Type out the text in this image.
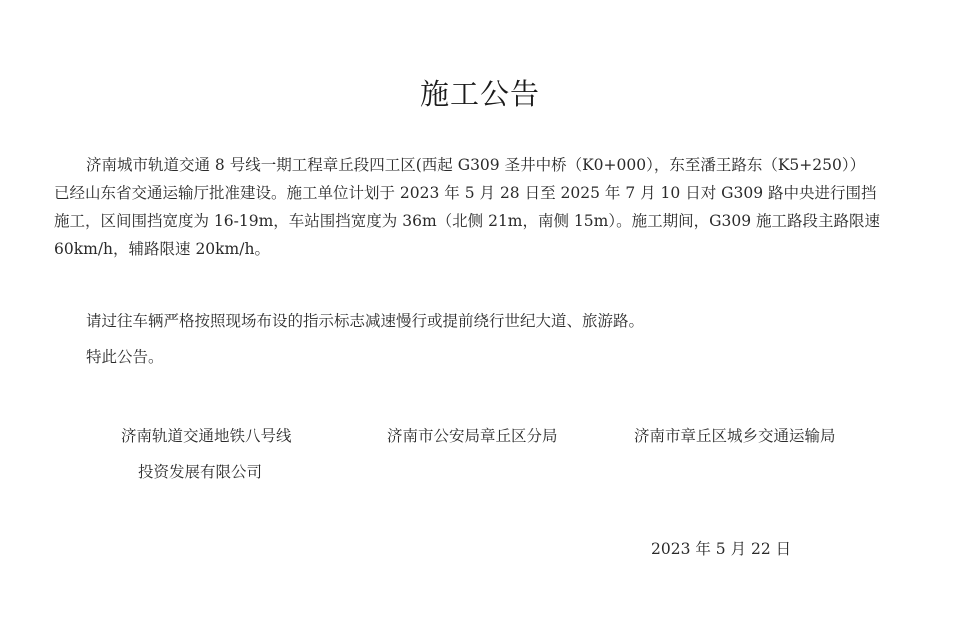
施工公告
济南城市轨道交通 8 号线一期工程章丘段四工区(西起 G309 圣井中桥（K0+000），东至潘王路东（K5+250））
已经山东省交通运输厅批准建设。施工单位计划于 2023 年 5 月 28 日至 2025 年 7 月 10 日对 G309 路中央进行围挡
施工，区间围挡宽度为 16-19m，车站围挡宽度为 36m（北侧 21m，南侧 15m）。施工期间，G309 施工路段主路限速
60km/h，辅路限速 20km/h。
请过往车辆严格按照现场布设的指示标志减速慢行或提前绕行世纪大道、旅游路。
特此公告。
济南轨道交通地铁八号线
投资发展有限公司
济南市公安局章丘区分局	济南市章丘区城乡交通运输局
2023 年 5 月 22 日
